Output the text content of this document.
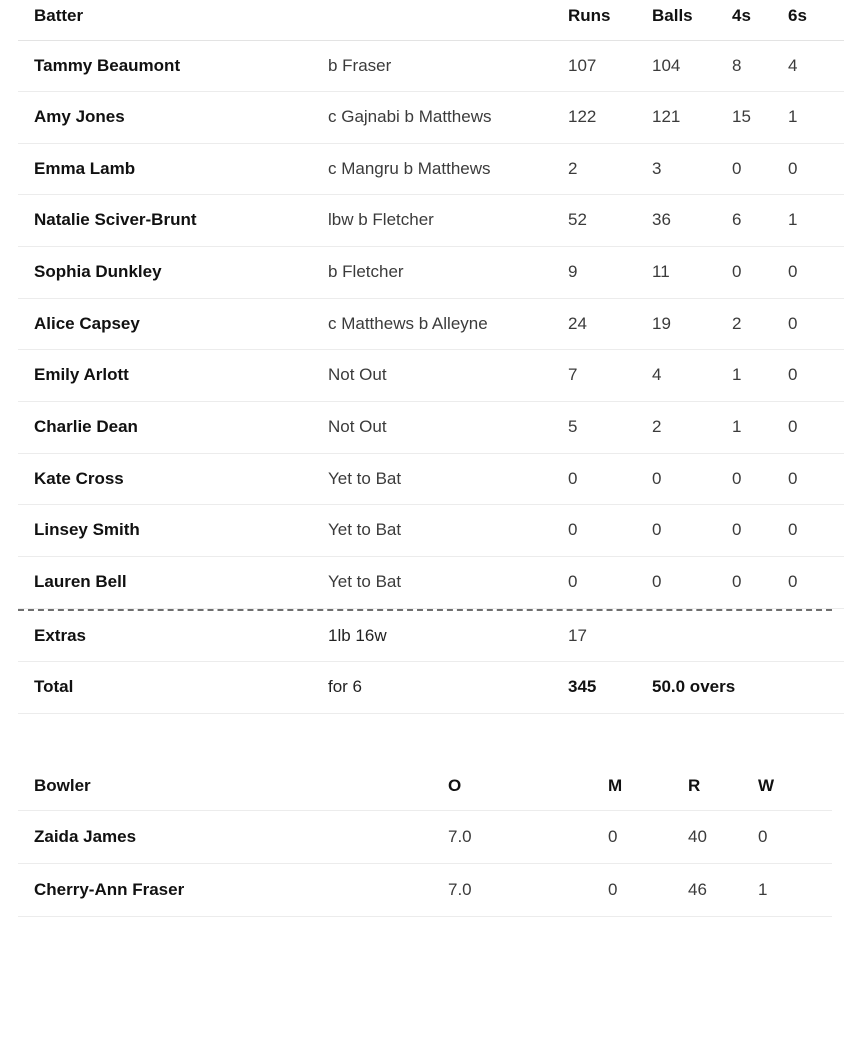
Batter		Runs	Balls	4s	6s
Tammy Beaumont	b Fraser	107	104	8	4
Amy Jones	c Gajnabi b Matthews	122	121	15	1
Emma Lamb	c Mangru b Matthews	2	3	0	0
Natalie Sciver-Brunt	lbw b Fletcher	52	36	6	1
Sophia Dunkley	b Fletcher	9	11	0	0
Alice Capsey	c Matthews b Alleyne	24	19	2	0
Emily Arlott	Not Out	7	4	1	0
Charlie Dean	Not Out	5	2	1	0
Kate Cross	Yet to Bat	0	0	0	0
Linsey Smith	Yet to Bat	0	0	0	0
Lauren Bell	Yet to Bat	0	0	0	0
Extras	1lb 16w	17			
Total	for 6	345	50.0 overs		
Bowler	O	M	R	W
Zaida James	7.0	0	40	0
Cherry-Ann Fraser	7.0	0	46	1
